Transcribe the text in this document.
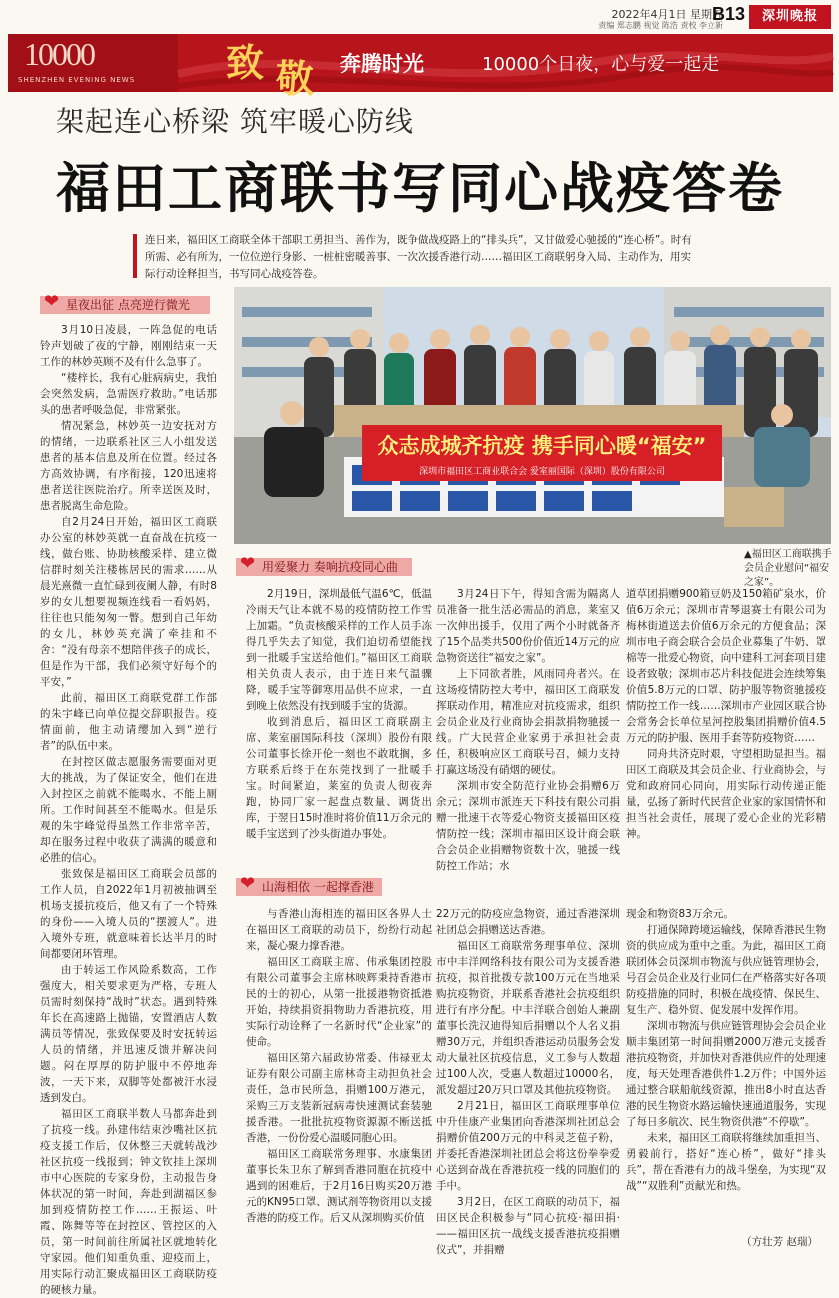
2022年4月1日 星期五
责编 郑志鹏 视觉 陈浩 责校 李立新
B13	深圳晚报
10000
SHENZHEN EVENING NEWS 致 敬 奔腾时光	10000个日夜，心与爱一起走
架起连心桥梁 筑牢暖心防线
福田工商联书写同心战疫答卷
连日来，福田区工商联全体干部职工勇担当、善作为，既争做战疫路上的“排头兵”，又甘做爱心驰援的“连心桥”。时有所需、必有所为，一位位逆行身影、一桩桩密暖善事、一次次援香港行动……福田区工商联躬身入局、主动作为，用实际行动诠释担当，书写同心战疫答卷。
众志成城齐抗疫 携手同心暖“福安”
深圳市福田区工商业联合会 爱室丽国际（深圳）股份有限公司
▲福田区工商联携手会员企业慰问“福安之家”。
❤ 星夜出征 点亮逆行微光

3月10日凌晨，一阵急促的电话铃声划破了夜的宁静，刚刚结束一天工作的林妙英顾不及有什么急事了。

“楼梓长，我有心脏病病史，我怕会突然发病，急需医疗救助。”电话那头的患者呼吸急促，非常紧张。

情况紧急，林妙英一边安抚对方的情绪，一边联系社区三人小组发送患者的基本信息及所在位置。经过各方高效协调，有序衔接，120迅速将患者送往医院治疗。所幸送医及时，患者脱离生命危险。

自2月24日开始，福田区工商联办公室的林妙英就一直奋战在抗疫一线，做台账、协助核酸采样、建立微信群时刻关注楼栋居民的需求……从晨光熹微一直忙碌到夜阑人静，有时8岁的女儿想要视频连线看一看妈妈，往往也只能匆匆一瞥。想到自己年幼的女儿，林妙英充满了牵挂和不舍：“没有母亲不想陪伴孩子的成长，但是作为干部，我们必须守好每个的平安，”

此前，福田区工商联党群工作部的朱宇峰已向单位提交辞职报告。疫情面前，他主动请缨加入到“逆行者”的队伍中来。

在封控区做志愿服务需要面对更大的挑战，为了保证安全，他们在进入封控区之前就不能喝水、不能上厕所。工作时间甚至不能喝水。但是乐观的朱宇峰觉得虽然工作非常辛苦，却在服务过程中收获了满满的暖意和必胜的信心。

张致保是福田区工商联会员部的工作人员，自2022年1月初被抽调至机场支援抗疫后，他又有了一个特殊的身份——入境人员的“摆渡人”。进入境外专班，就意味着长达半月的时间都要闭环管理。

由于转运工作风险系数高，工作强度大，相关要求更为严格，专班人员需时刻保持“战时”状态。遇到特殊年长在高速路上抛锚，安置酒店人数满员等情况，张致保要及时安抚转运人员的情绪，并迅速反馈并解决问题。闷在厚厚的防护服中不停地奔波，一天下来，双脚等处都被汗水浸透到发白。

福田区工商联半数人马都奔赴到了抗疫一线。孙建伟结束沙嘴社区抗疫支援工作后，仅休整三天就转战沙社区抗疫一线报到；钟文钦挂上深圳市中心医院的专家身份，主动报告身体状况的第一时间，奔赴到湖福区参加到疫情防控工作……王振运、叶霞、陈舞等等在封控区、管控区的入员，第一时间前往所属社区就地转化守家园。他们知重负重、迎疫而上，用实际行动汇聚成福田区工商联防疫的硬核力量。

❤ 用爱聚力 奏响抗疫同心曲

2月19日，深圳最低气温6℃，低温冷雨天气让本就不易的疫情防控工作雪上加霜。“负责核酸采样的工作人员手冻得几乎失去了知觉，我们迫切希望能找到一批暖手宝送给他们。”福田区工商联相关负责人表示，由于连日来气温骤降，暖手宝等御寒用品供不应求，一直到晚上依然没有找到暖手宝的货源。

收到消息后，福田区工商联副主席、莱室丽国际科技（深圳）股份有限公司董事长徐开伦一刻也不敢耽搁，多方联系后终于在东莞找到了一批暖手宝。时间紧迫，莱室的负责人彻夜奔跑，协同厂家一起盘点数量、调货出库，于翌日15时准时将价值11万余元的暖手宝送到了沙头街道办事处。

3月24日下午，得知含需为隔离人员准备一批生活必需品的消息，莱室又一次伸出援手，仅用了两个小时就备齐了15个品类共500份价值近14万元的应急物资送往“福安之家”。

上下同欲者胜，风雨同舟者兴。在这场疫情防控大考中，福田区工商联发挥联动作用，精准应对抗疫需求，组织会员企业及行业商协会捐款捐物驰援一线。广大民营企业家勇于承担社会责任，积极响应区工商联号召，倾力支持打赢这场没有硝烟的硬仗。

深圳市安全防范行业协会捐赠6万余元；深圳市派连天下科技有限公司捐赠一批速干衣等爱心物资支援福田区疫情防控一线；深圳市福田区设计商会联合会员企业捐赠物资数十次，驰援一线防控工作站；水

道草团捐赠900箱豆奶及150箱矿泉水，价值6万余元；深圳市青琴退赛士有限公司为梅林街道送去价值6万余元的方便食品；深圳市电子商会联合会员企业募集了牛奶、罩棉等一批爱心物资，向中建科工河套项目建设者致敬；深圳市芯片科技促进会连续筹集价值5.8万元的口罩、防护服等物资驰援疫情防控工作一线……深圳市产业园区联合协会常务会长单位星河控股集团捐赠价值4.5万元的防护服、医用手套等防疫物资……

同舟共济克时艰，守望相助显担当。福田区工商联及其会员企业、行业商协会，与党和政府同心同向，用实际行动传递正能量，弘扬了新时代民营企业家的家国情怀和担当社会责任，展现了爱心企业的光彩精神。

❤ 山海相依 一起撑香港

与香港山海相连的福田区各界人士在福田区工商联的动员下，纷纷行动起来，凝心聚力撑香港。

福田区工商联主席、伟承集团控股有限公司董事会主席林映辉秉持香港市民的士的初心，从第一批援港物资抵港开始，持续捐资捐物助力香港抗疫，用实际行动诠释了一名新时代“企业家”的使命。

福田区第六届政协常委、伟禄亚太证券有限公司副主席林奇主动担负社会责任，急市民所急，捐赠100万港元，采购三万支装新冠病毒快速测试套装驰援香港。一批批抗疫物资源源不断送抵香港，一份份爱心温暖同胞心田。

福田区工商联常务理事、水康集团董事长朱卫东了解到香港同胞在抗疫中遇到的困难后，于2月16日购买20万港元的KN95口罩、测试剂等物资用以支援香港的防疫工作。后又从深圳购买价值

22万元的防疫应急物资，通过香港深圳社团总会捐赠送达香港。

福田区工商联常务理事单位、深圳市中丰洋网络科技有限公司为支援香港抗疫，拟首批拨专款100万元在当地采购抗疫物资，并联系香港社会抗疫组织进行有序分配。中丰洋联合创始人兼副董事长洗汉迪得知后捐赠以个人名义捐赠30万元，并组织香港运动员服务会发动大量社区抗疫信息，义工参与人数超过100人次，受惠人数超过10000名，派发超过20万只口罩及其他抗疫物资。

2月21日，福田区工商联理事单位中升佳康产业集团向香港深圳社团总会捐赠价值200万元的中科灵芝苞子粉，并委托香港深圳社团总会将这份拳拳爱心送到奋战在香港抗疫一线的同胞们的手中。

3月2日，在区工商联的动员下，福田区民企积极参与“同心抗疫·福田捐·——福田区抗一战线支援香港抗疫捐赠仪式”，并捐赠

现金和物资83万余元。

打通保障跨境运输线，保障香港民生物资的供应成为重中之重。为此，福田区工商联团体会员深圳市物流与供应链管理协会，号召会员企业及行业同仁在严格落实好各项防疫措施的同时，积极在战疫情、保民生、复生产、稳外贸、促发展中发挥作用。

深圳市物流与供应链管理协会会员企业顺丰集团第一时间捐赠2000万港元支援香港抗疫物资，并加快对香港供应件的处理速度，每天处理香港供件1.2万件；中国外运通过整合联船航线资源，推出8小时直达香港的民生物资水路运输快速通道服务，实现了每日多航次、民生物资供港“不停歇”。

未来，福田区工商联将继续加重担当、勇毅前行，搭好“连心桥”，做好“排头兵”，帮在香港有力的战斗堡垒，为实现“双战”“双胜利”贡献光和热。

（方壮芳 赵瑞）
